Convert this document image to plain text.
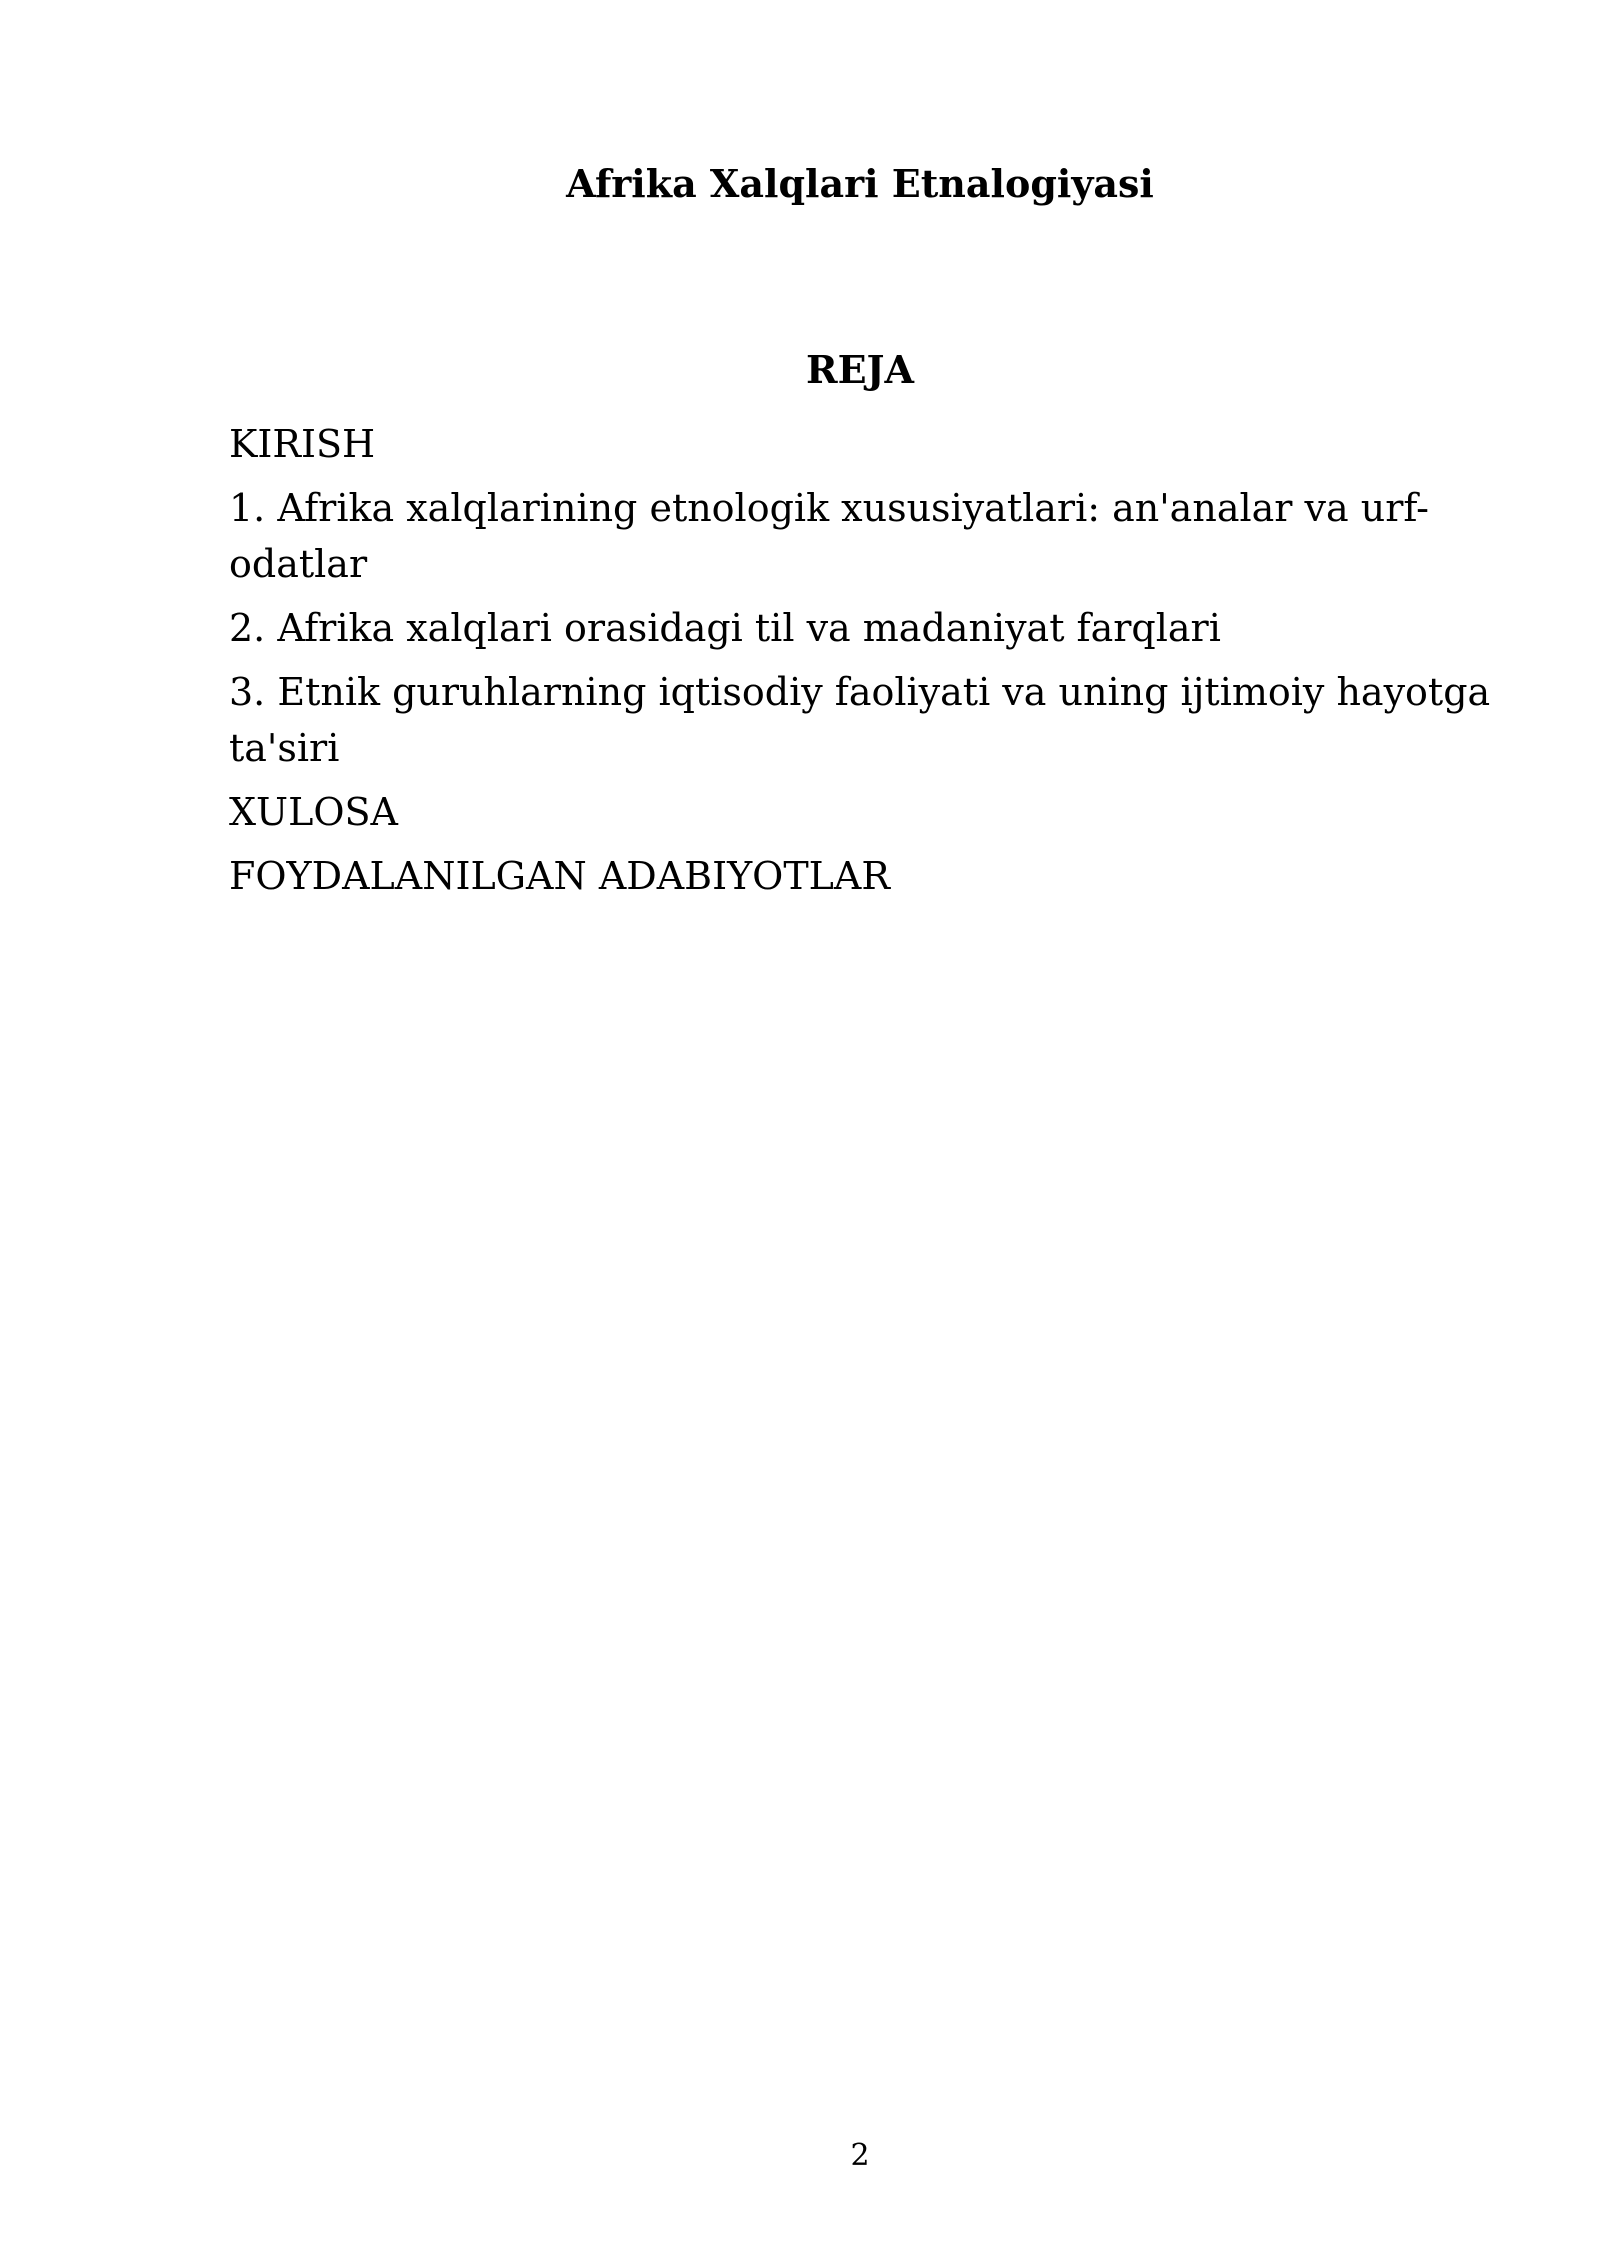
Afrika Xalqlari Etnalogiyasi
REJA
KIRISH
1. Afrika xalqlarining etnologik xususiyatlari: an'analar va urf-odatlar
2. Afrika xalqlari orasidagi til va madaniyat farqlari
3. Etnik guruhlarning iqtisodiy faoliyati va uning ijtimoiy hayotga ta'siri
XULOSA
FOYDALANILGAN ADABIYOTLAR
2
